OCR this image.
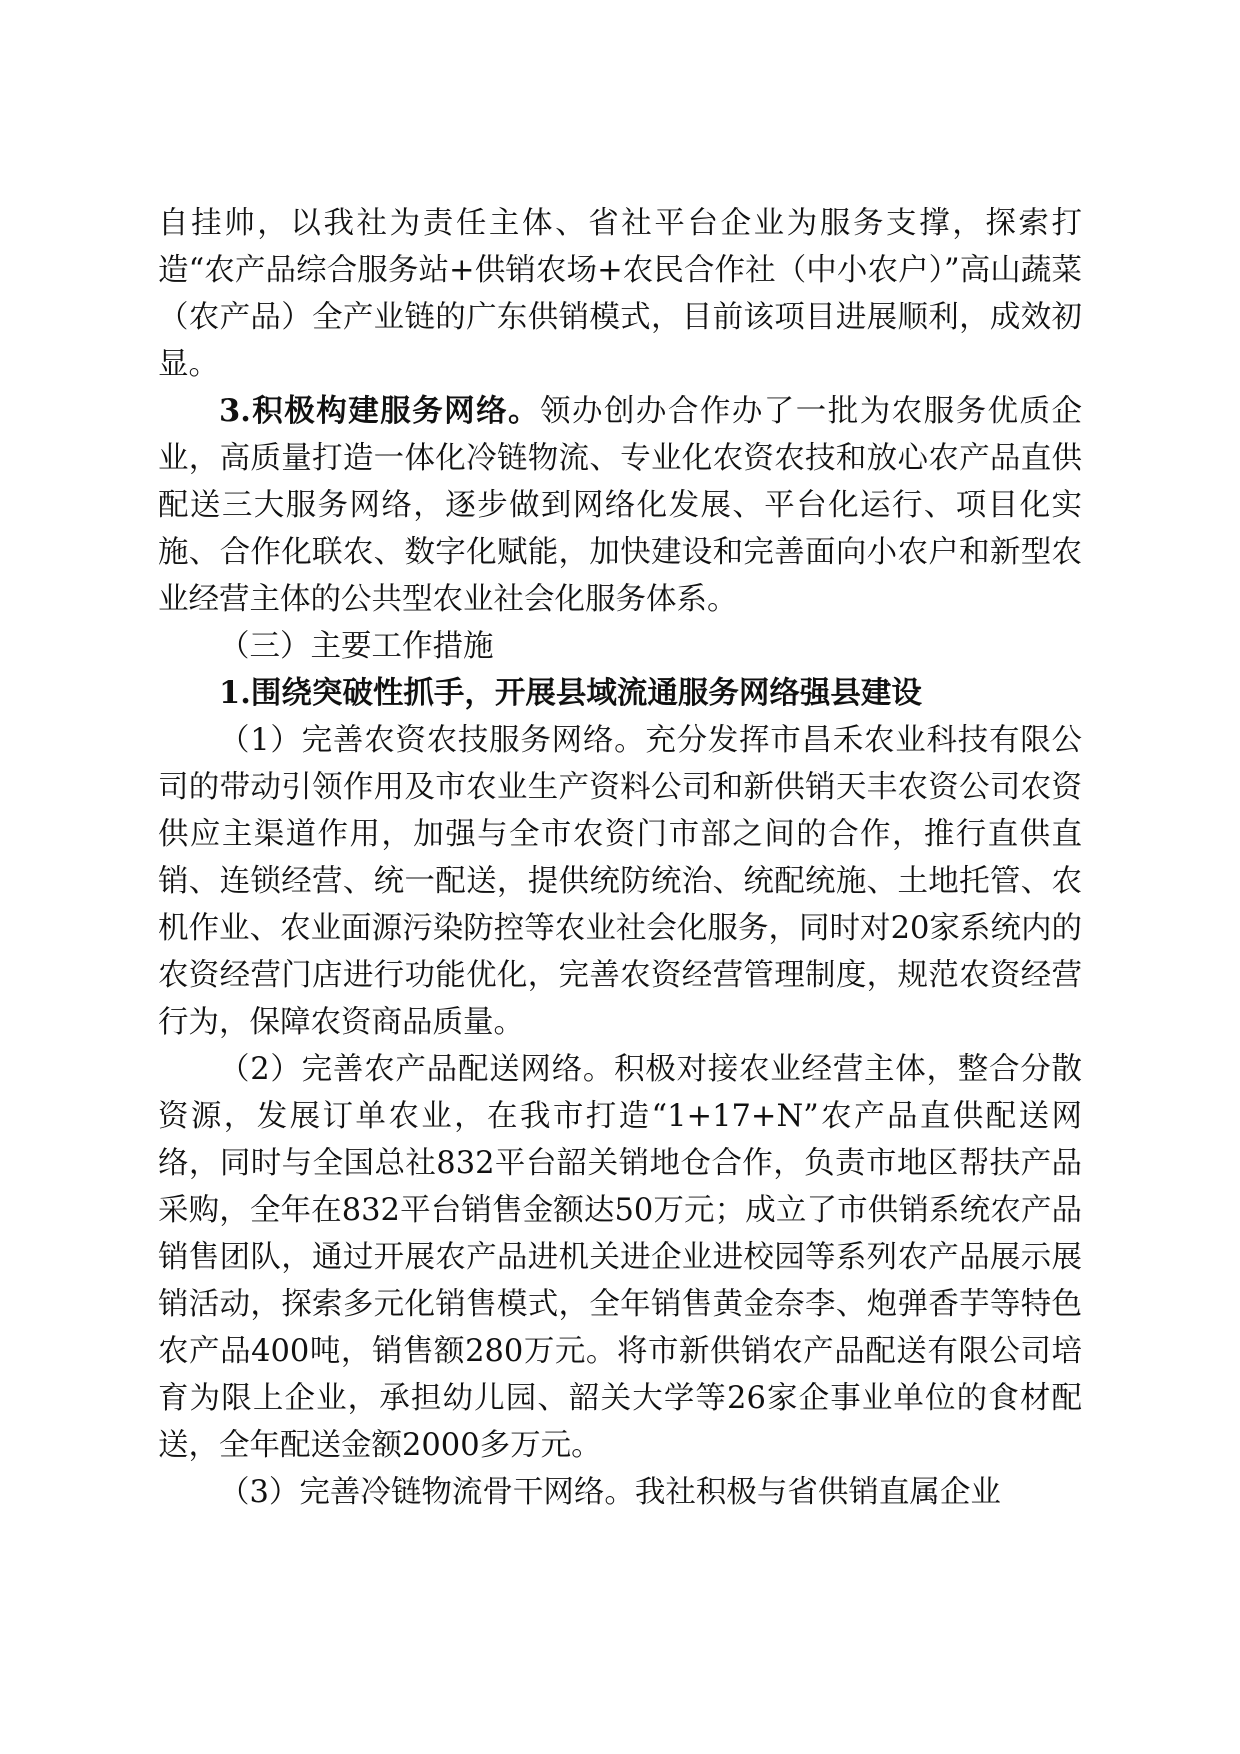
自挂帅，以我社为责任主体、省社平台企业为服务支撑，探索打造“农产品综合服务站+供销农场+农民合作社（中小农户）”高山蔬菜（农产品）全产业链的广东供销模式，目前该项目进展顺利，成效初显。

3.积极构建服务网络。领办创办合作办了一批为农服务优质企业，高质量打造一体化冷链物流、专业化农资农技和放心农产品直供配送三大服务网络，逐步做到网络化发展、平台化运行、项目化实施、合作化联农、数字化赋能，加快建设和完善面向小农户和新型农业经营主体的公共型农业社会化服务体系。

（三）主要工作措施

1.围绕突破性抓手，开展县域流通服务网络强县建设

（1）完善农资农技服务网络。充分发挥市昌禾农业科技有限公司的带动引领作用及市农业生产资料公司和新供销天丰农资公司农资供应主渠道作用，加强与全市农资门市部之间的合作，推行直供直销、连锁经营、统一配送，提供统防统治、统配统施、土地托管、农机作业、农业面源污染防控等农业社会化服务，同时对20家系统内的农资经营门店进行功能优化，完善农资经营管理制度，规范农资经营行为，保障农资商品质量。

（2）完善农产品配送网络。积极对接农业经营主体，整合分散资源，发展订单农业，在我市打造“1+17+N”农产品直供配送网络，同时与全国总社832平台韶关销地仓合作，负责市地区帮扶产品采购，全年在832平台销售金额达50万元；成立了市供销系统农产品销售团队，通过开展农产品进机关进企业进校园等系列农产品展示展销活动，探索多元化销售模式，全年销售黄金奈李、炮弹香芋等特色农产品400吨，销售额280万元。将市新供销农产品配送有限公司培育为限上企业，承担幼儿园、韶关大学等26家企事业单位的食材配送，全年配送金额2000多万元。

（3）完善冷链物流骨干网络。我社积极与省供销直属企业
